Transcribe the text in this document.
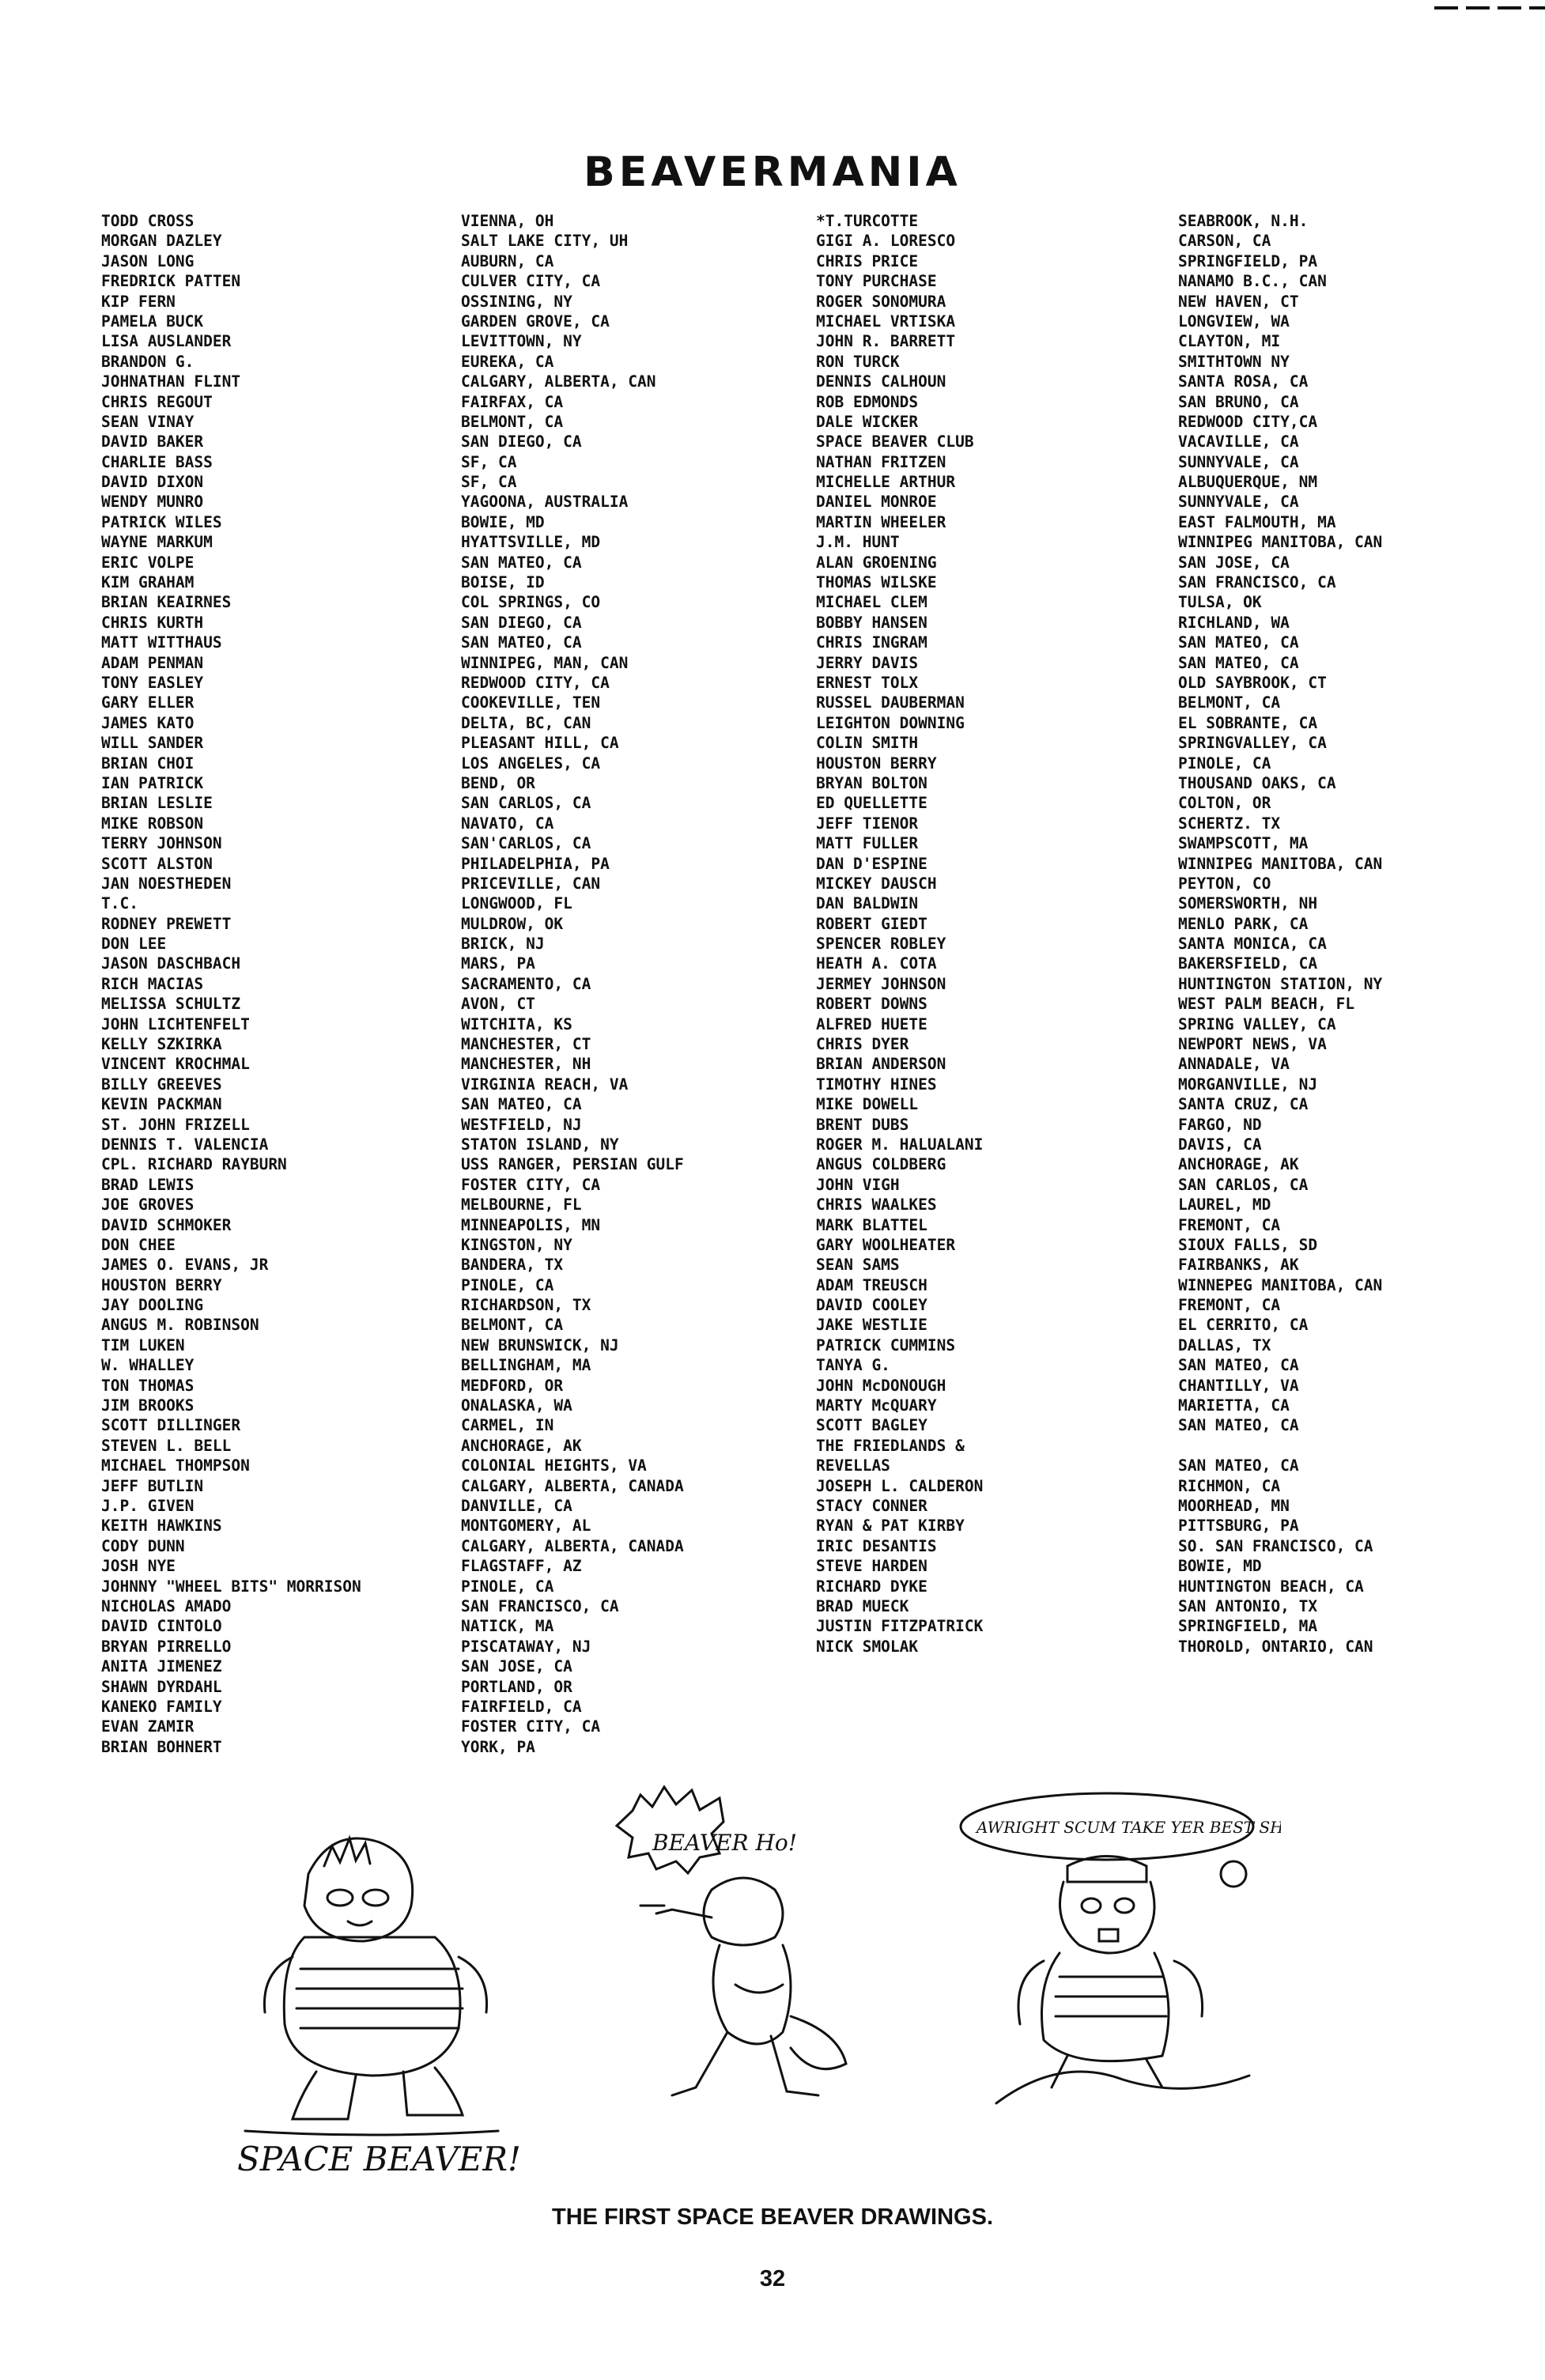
BEAVERMANIA
TODD CROSS
MORGAN DAZLEY
JASON LONG
FREDRICK PATTEN
KIP FERN
PAMELA BUCK
LISA AUSLANDER
BRANDON G.
JOHNATHAN FLINT
CHRIS REGOUT
SEAN VINAY
DAVID BAKER
CHARLIE BASS
DAVID DIXON
WENDY MUNRO
PATRICK WILES
WAYNE MARKUM
ERIC VOLPE
KIM GRAHAM
BRIAN KEAIRNES
CHRIS KURTH
MATT WITTHAUS
ADAM PENMAN
TONY EASLEY
GARY ELLER
JAMES KATO
WILL SANDER
BRIAN CHOI
IAN PATRICK
BRIAN LESLIE
MIKE ROBSON
TERRY JOHNSON
SCOTT ALSTON
JAN NOESTHEDEN
T.C.
RODNEY PREWETT
DON LEE
JASON DASCHBACH
RICH MACIAS
MELISSA SCHULTZ
JOHN LICHTENFELT
KELLY SZKIRKA
VINCENT KROCHMAL
BILLY GREEVES
KEVIN PACKMAN
ST. JOHN FRIZELL
DENNIS T. VALENCIA
CPL. RICHARD RAYBURN
BRAD LEWIS
JOE GROVES
DAVID SCHMOKER
DON CHEE
JAMES O. EVANS, JR
HOUSTON BERRY
JAY DOOLING
ANGUS M. ROBINSON
TIM LUKEN
W. WHALLEY
TON THOMAS
JIM BROOKS
SCOTT DILLINGER
STEVEN L. BELL
MICHAEL THOMPSON
JEFF BUTLIN
J.P. GIVEN
KEITH HAWKINS
CODY DUNN
JOSH NYE
JOHNNY "WHEEL BITS" MORRISON
NICHOLAS AMADO
DAVID CINTOLO
BRYAN PIRRELLO
ANITA JIMENEZ
SHAWN DYRDAHL
KANEKO FAMILY
EVAN ZAMIR
BRIAN BOHNERT
VIENNA, OH
SALT LAKE CITY, UH
AUBURN, CA
CULVER CITY, CA
OSSINING, NY
GARDEN GROVE, CA
LEVITTOWN, NY
EUREKA, CA
CALGARY, ALBERTA, CAN
FAIRFAX, CA
BELMONT, CA
SAN DIEGO, CA
SF, CA
SF, CA
YAGOONA, AUSTRALIA
BOWIE, MD
HYATTSVILLE, MD
SAN MATEO, CA
BOISE, ID
COL SPRINGS, CO
SAN DIEGO, CA
SAN MATEO, CA
WINNIPEG, MAN, CAN
REDWOOD CITY, CA
COOKEVILLE, TEN
DELTA, BC, CAN
PLEASANT HILL, CA
LOS ANGELES, CA
BEND, OR
SAN CARLOS, CA
NAVATO, CA
SAN'CARLOS, CA
PHILADELPHIA, PA
PRICEVILLE, CAN
LONGWOOD, FL
MULDROW, OK
BRICK, NJ
MARS, PA
SACRAMENTO, CA
AVON, CT
WITCHITA, KS
MANCHESTER, CT
MANCHESTER, NH
VIRGINIA REACH, VA
SAN MATEO, CA
WESTFIELD, NJ
STATON ISLAND, NY
USS RANGER, PERSIAN GULF
FOSTER CITY, CA
MELBOURNE, FL
MINNEAPOLIS, MN
KINGSTON, NY
BANDERA, TX
PINOLE, CA
RICHARDSON, TX
BELMONT, CA
NEW BRUNSWICK, NJ
BELLINGHAM, MA
MEDFORD, OR
ONALASKA, WA
CARMEL, IN
ANCHORAGE, AK
COLONIAL HEIGHTS, VA
CALGARY, ALBERTA, CANADA
DANVILLE, CA
MONTGOMERY, AL
CALGARY, ALBERTA, CANADA
FLAGSTAFF, AZ
PINOLE, CA
SAN FRANCISCO, CA
NATICK, MA
PISCATAWAY, NJ
SAN JOSE, CA
PORTLAND, OR
FAIRFIELD, CA
FOSTER CITY, CA
YORK, PA
*T.TURCOTTE
GIGI A. LORESCO
CHRIS PRICE
TONY PURCHASE
ROGER SONOMURA
MICHAEL VRTISKA
JOHN R. BARRETT
RON TURCK
DENNIS CALHOUN
ROB EDMONDS
DALE WICKER
SPACE BEAVER CLUB
NATHAN FRITZEN
MICHELLE ARTHUR
DANIEL MONROE
MARTIN WHEELER
J.M. HUNT
ALAN GROENING
THOMAS WILSKE
MICHAEL CLEM
BOBBY HANSEN
CHRIS INGRAM
JERRY DAVIS
ERNEST TOLX
RUSSEL DAUBERMAN
LEIGHTON DOWNING
COLIN SMITH
HOUSTON BERRY
BRYAN BOLTON
ED QUELLETTE
JEFF TIENOR
MATT FULLER
DAN D'ESPINE
MICKEY DAUSCH
DAN BALDWIN
ROBERT GIEDT
SPENCER ROBLEY
HEATH A. COTA
JERMEY JOHNSON
ROBERT DOWNS
ALFRED HUETE
CHRIS DYER
BRIAN ANDERSON
TIMOTHY HINES
MIKE DOWELL
BRENT DUBS
ROGER M. HALUALANI
ANGUS COLDBERG
JOHN VIGH
CHRIS WAALKES
MARK BLATTEL
GARY WOOLHEATER
SEAN SAMS
ADAM TREUSCH
DAVID COOLEY
JAKE WESTLIE
PATRICK CUMMINS
TANYA G.
JOHN McDONOUGH
MARTY McQUARY
SCOTT BAGLEY
THE FRIEDLANDS &
REVELLAS
JOSEPH L. CALDERON
STACY CONNER
RYAN & PAT KIRBY
IRIC DESANTIS
STEVE HARDEN
RICHARD DYKE
BRAD MUECK
JUSTIN FITZPATRICK
NICK SMOLAK
SEABROOK, N.H.
CARSON, CA
SPRINGFIELD, PA
NANAMO B.C., CAN
NEW HAVEN, CT
LONGVIEW, WA
CLAYTON, MI
SMITHTOWN NY
SANTA ROSA, CA
SAN BRUNO, CA
REDWOOD CITY,CA
VACAVILLE, CA
SUNNYVALE, CA
ALBUQUERQUE, NM
SUNNYVALE, CA
EAST FALMOUTH, MA
WINNIPEG MANITOBA, CAN
SAN JOSE, CA
SAN FRANCISCO, CA
TULSA, OK
RICHLAND, WA
SAN MATEO, CA
SAN MATEO, CA
OLD SAYBROOK, CT
BELMONT, CA
EL SOBRANTE, CA
SPRINGVALLEY, CA
PINOLE, CA
THOUSAND OAKS, CA
COLTON, OR
SCHERTZ. TX
SWAMPSCOTT, MA
WINNIPEG MANITOBA, CAN
PEYTON, CO
SOMERSWORTH, NH
MENLO PARK, CA
SANTA MONICA, CA
BAKERSFIELD, CA
HUNTINGTON STATION, NY
WEST PALM BEACH, FL
SPRING VALLEY, CA
NEWPORT NEWS, VA
ANNADALE, VA
MORGANVILLE, NJ
SANTA CRUZ, CA
FARGO, ND
DAVIS, CA
ANCHORAGE, AK
SAN CARLOS, CA
LAUREL, MD
FREMONT, CA
SIOUX FALLS, SD
FAIRBANKS, AK
WINNEPEG MANITOBA, CAN
FREMONT, CA
EL CERRITO, CA
DALLAS, TX
SAN MATEO, CA
CHANTILLY, VA
MARIETTA, CA
SAN MATEO, CA
SAN MATEO, CA
RICHMON, CA
MOORHEAD, MN
PITTSBURG, PA
SO. SAN FRANCISCO, CA
BOWIE, MD
HUNTINGTON BEACH, CA
SAN ANTONIO, TX
SPRINGFIELD, MA
THOROLD, ONTARIO, CAN
SPACE BEAVER!
BEAVER Ho!
AWRIGHT SCUM TAKE YER BEST SHOT
THE FIRST SPACE BEAVER DRAWINGS.
32
